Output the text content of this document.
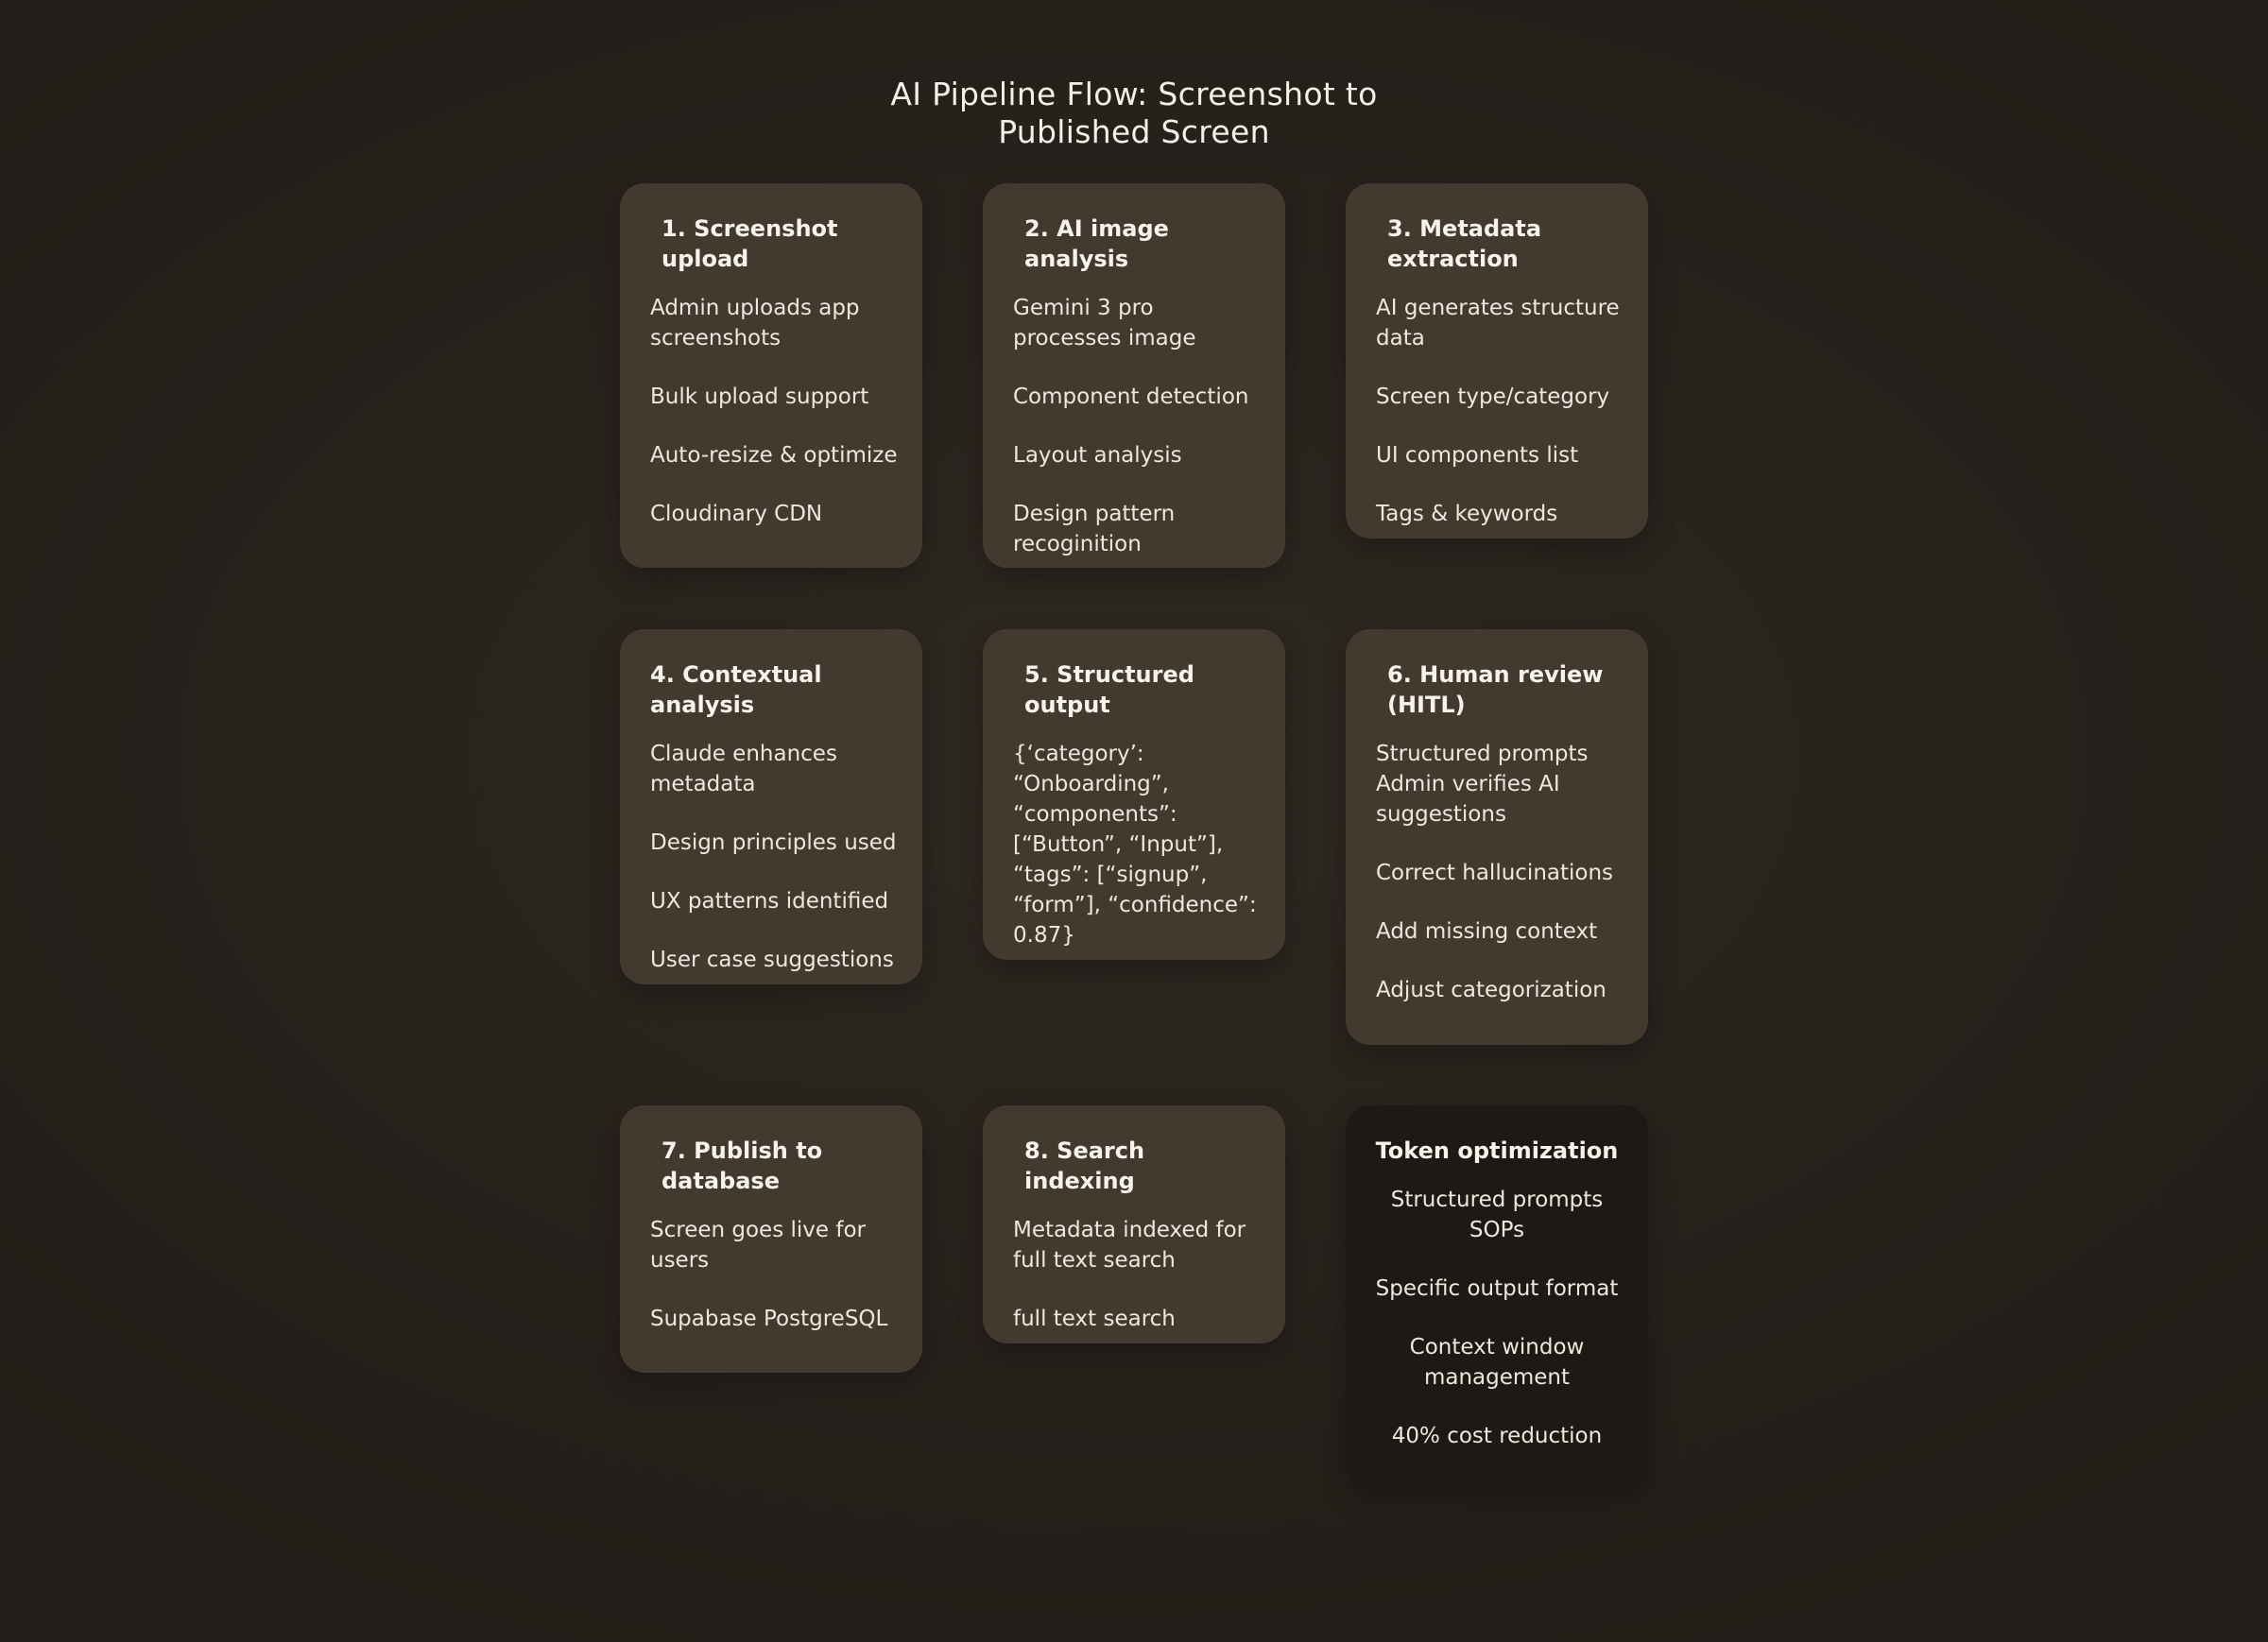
AI Pipeline Flow: Screenshot to
Published Screen
1. Screenshot upload
Admin uploads app screenshots
Bulk upload support
Auto-resize & optimize
Cloudinary CDN
2. AI image analysis
Gemini 3 pro processes image
Component detection
Layout analysis
Design pattern recoginition
3. Metadata extraction
AI generates structure data
Screen type/category
UI components list
Tags & keywords
4. Contextual analysis
Claude enhances metadata
Design principles used
UX patterns identified
User case suggestions
5. Structured output
{‘category’: “Onboarding”, “components”: [“Button”, “Input”], “tags”: [“signup”, “form”], “confidence”: 0.87}
6. Human review
(HITL)
Structured prompts Admin verifies AI suggestions
Correct hallucinations
Add missing context
Adjust categorization
7. Publish to
database
Screen goes live for users
Supabase PostgreSQL
8. Search indexing
Metadata indexed for full text search
full text search
Token optimization
Structured prompts SOPs
Specific output format
Context window management
40% cost reduction
